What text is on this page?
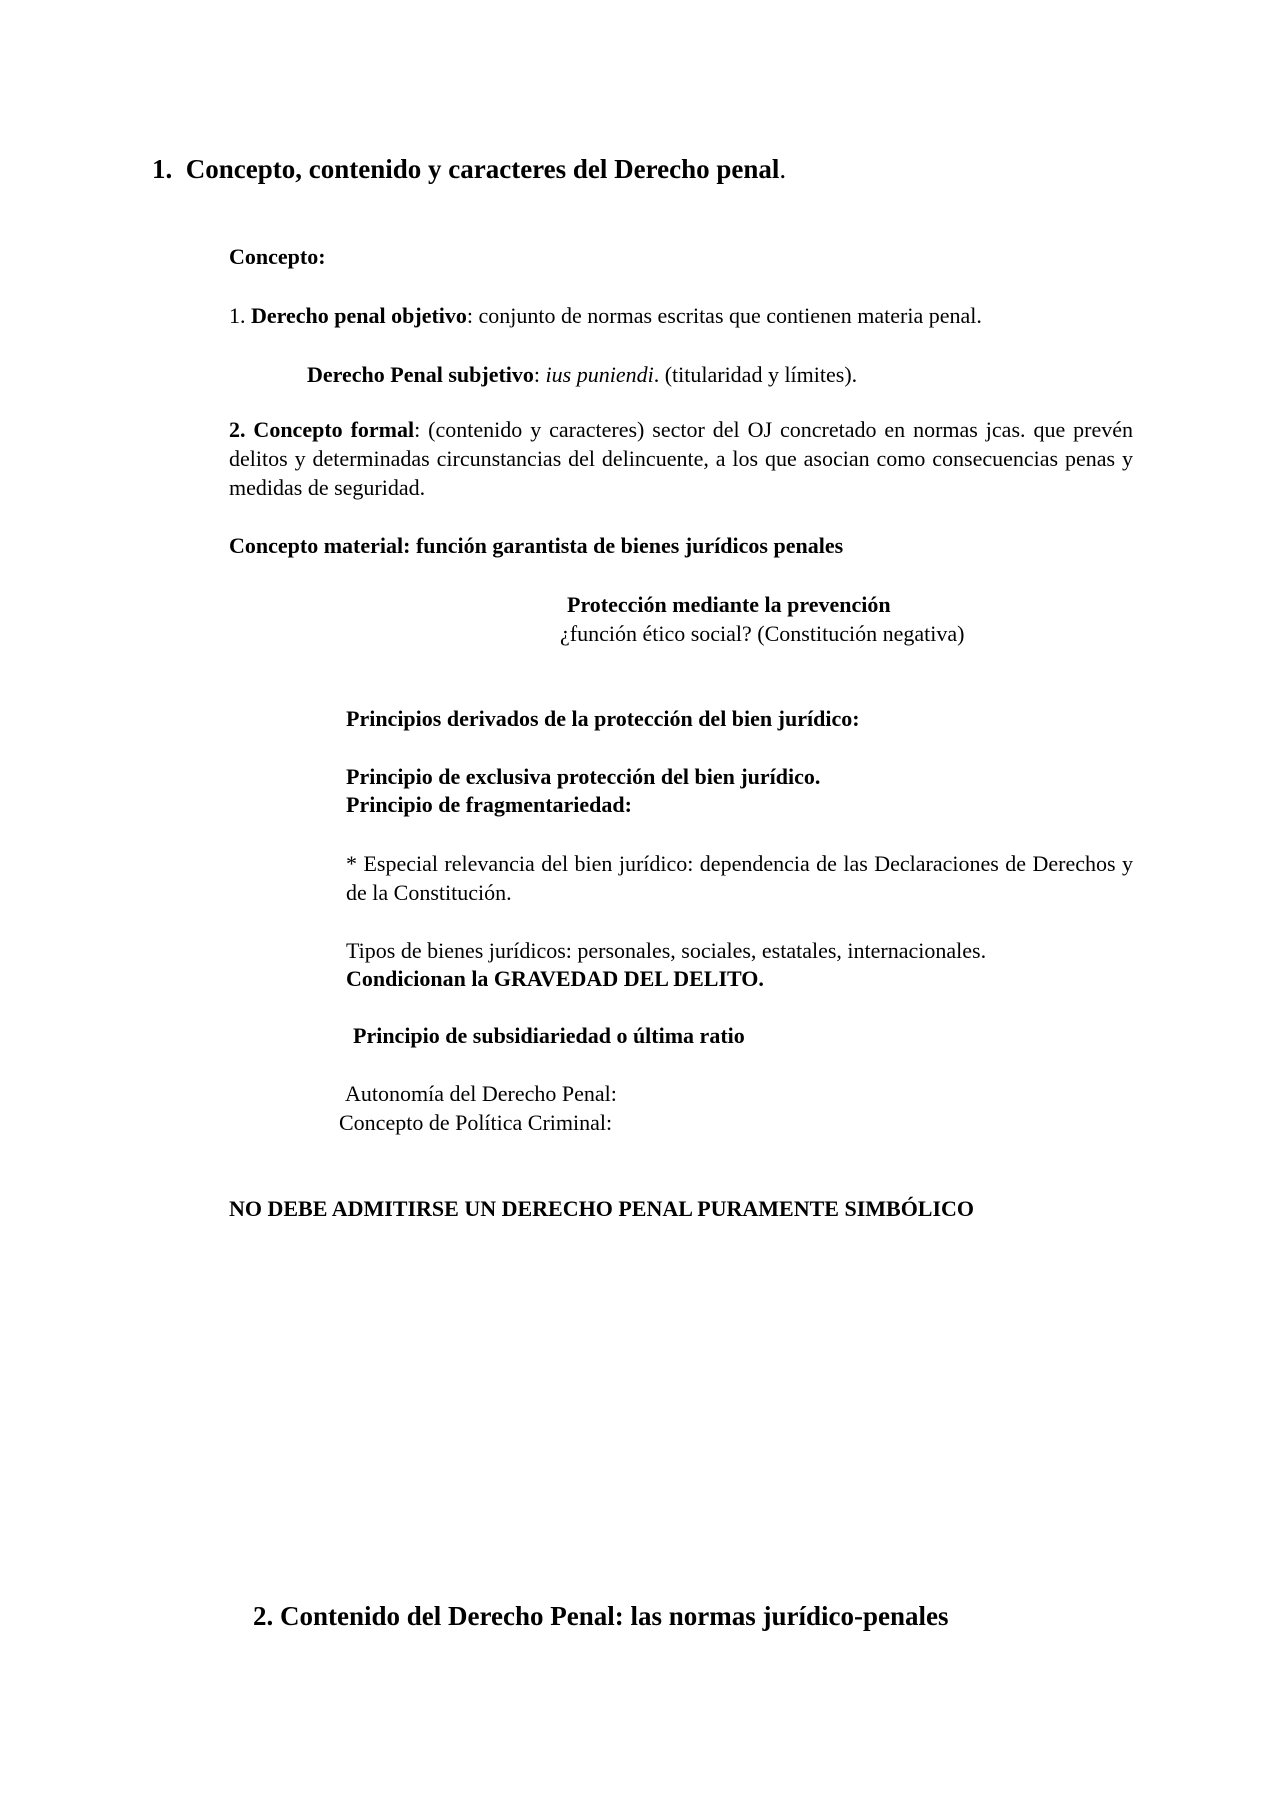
1. Concepto, contenido y caracteres del Derecho penal.
Concepto:
1. Derecho penal objetivo: conjunto de normas escritas que contienen materia penal.
Derecho Penal subjetivo: ius puniendi. (titularidad y límites).
2. Concepto formal: (contenido y caracteres) sector del OJ concretado en normas jcas. que prevén delitos y determinadas circunstancias del delincuente, a los que asocian como consecuencias penas y medidas de seguridad.
Concepto material: función garantista de bienes jurídicos penales
Protección mediante la prevención
¿función ético social? (Constitución negativa)
Principios derivados de la protección del bien jurídico:
Principio de exclusiva protección del bien jurídico.
Principio de fragmentariedad:
* Especial relevancia del bien jurídico: dependencia de las Declaraciones de Derechos y de la Constitución.
Tipos de bienes jurídicos: personales, sociales, estatales, internacionales.
Condicionan la GRAVEDAD DEL DELITO.
Principio de subsidiariedad o última ratio
Autonomía del Derecho Penal:
Concepto de Política Criminal:
NO DEBE ADMITIRSE UN DERECHO PENAL PURAMENTE SIMBÓLICO
2. Contenido del Derecho Penal: las normas jurídico-penales
